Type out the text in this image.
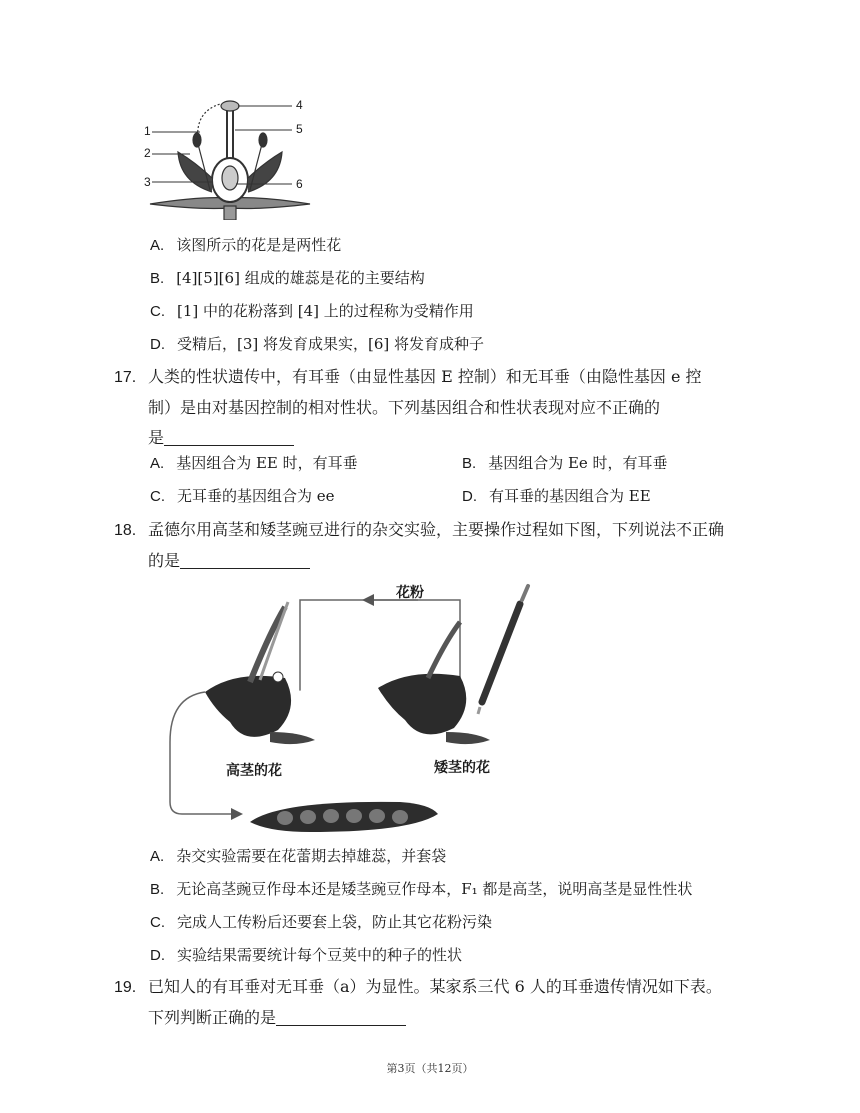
1
2
3
4
5
6
A. 该图所示的花是是两性花
B. [4][5][6] 组成的雄蕊是花的主要结构
C. [1] 中的花粉落到 [4] 上的过程称为受精作用
D. 受精后，[3] 将发育成果实，[6] 将发育成种子
17. 人类的性状遗传中，有耳垂（由显性基因 E 控制）和无耳垂（由隐性基因 e 控
制）是由对基因控制的相对性状。下列基因组合和性状表现对应不正确的
是
A. 基因组合为 EE 时，有耳垂	B. 基因组合为 Ee 时，有耳垂
C. 无耳垂的基因组合为 ee	D. 有耳垂的基因组合为 EE
18. 孟德尔用高茎和矮茎豌豆进行的杂交实验，主要操作过程如下图，下列说法不正确
的是
花粉
高茎的花	矮茎的花
A. 杂交实验需要在花蕾期去掉雄蕊，并套袋
B. 无论高茎豌豆作母本还是矮茎豌豆作母本，F₁ 都是高茎，说明高茎是显性性状
C. 完成人工传粉后还要套上袋，防止其它花粉污染
D. 实验结果需要统计每个豆荚中的种子的性状
19. 已知人的有耳垂对无耳垂（a）为显性。某家系三代 6 人的耳垂遗传情况如下表。
下列判断正确的是
第3页（共12页）
